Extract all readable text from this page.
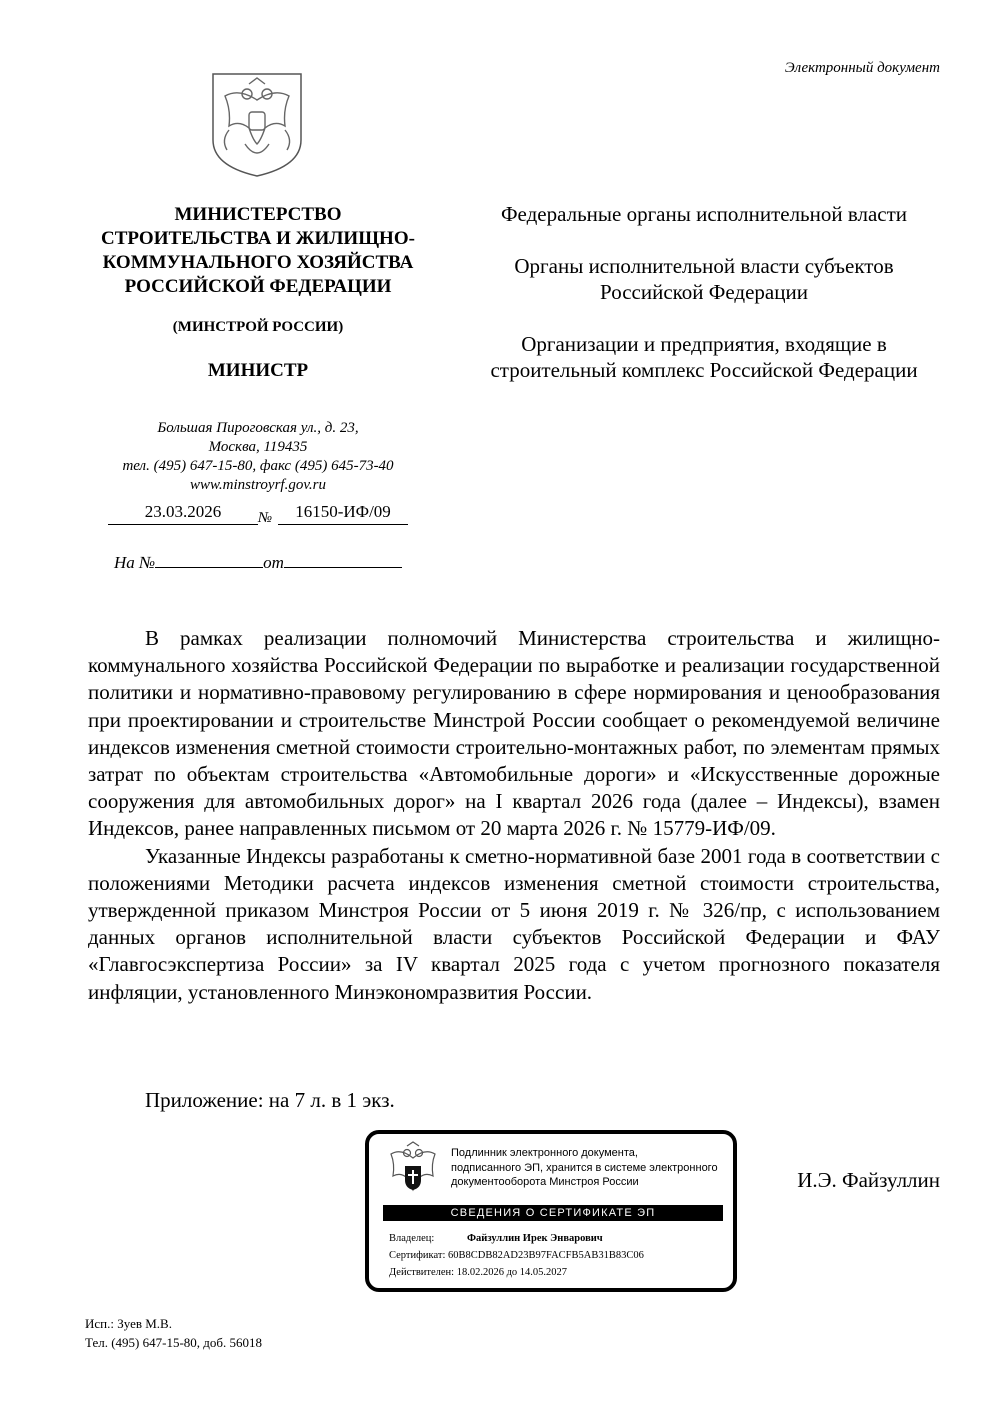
Электронный документ
МИНИСТЕРСТВО
СТРОИТЕЛЬСТВА И ЖИЛИЩНО-
КОММУНАЛЬНОГО ХОЗЯЙСТВА
РОССИЙСКОЙ ФЕДЕРАЦИИ
(МИНСТРОЙ РОССИИ)
МИНИСТР
Большая Пироговская ул., д. 23,
Москва, 119435
тел. (495) 647-15-80, факс (495) 645-73-40
www.minstroyrf.gov.ru
23.03.2026	№	16150-ИФ/09
На №	от

Федеральные органы исполнительной власти

Органы исполнительной власти субъектов Российской Федерации

Организации и предприятия, входящие в строительный комплекс Российской Федерации

В рамках реализации полномочий Министерства строительства и жилищно-коммунального хозяйства Российской Федерации по выработке и реализации государственной политики и нормативно-правовому регулированию в сфере нормирования и ценообразования при проектировании и строительстве Минстрой России сообщает о рекомендуемой величине индексов изменения сметной стоимости строительно-монтажных работ, по элементам прямых затрат по объектам строительства «Автомобильные дороги» и «Искусственные дорожные сооружения для автомобильных дорог» на I квартал 2026 года (далее – Индексы), взамен Индексов, ранее направленных письмом от 20 марта 2026 г. № 15779-ИФ/09.

Указанные Индексы разработаны к сметно-нормативной базе 2001 года в соответствии с положениями Методики расчета индексов изменения сметной стоимости строительства, утвержденной приказом Минстроя России от 5 июня 2019 г. № 326/пр, с использованием данных органов исполнительной власти субъектов Российской Федерации и ФАУ «Главгосэкспертиза России» за IV квартал 2025 года с учетом прогнозного показателя инфляции, установленного Минэкономразвития России.

Приложение: на 7 л. в 1 экз.
Подлинник электронного документа,
подписанного ЭП, хранится в системе электронного
документооборота Минстроя России
СВЕДЕНИЯ О СЕРТИФИКАТЕ ЭП
Владелец:	Файзуллин Ирек Энварович
Сертификат: 60B8CDB82AD23B97FACFB5AB31B83C06
Действителен: 18.02.2026 до 14.05.2027
И.Э. Файзуллин
Исп.: Зуев М.В.
Тел. (495) 647-15-80, доб. 56018
